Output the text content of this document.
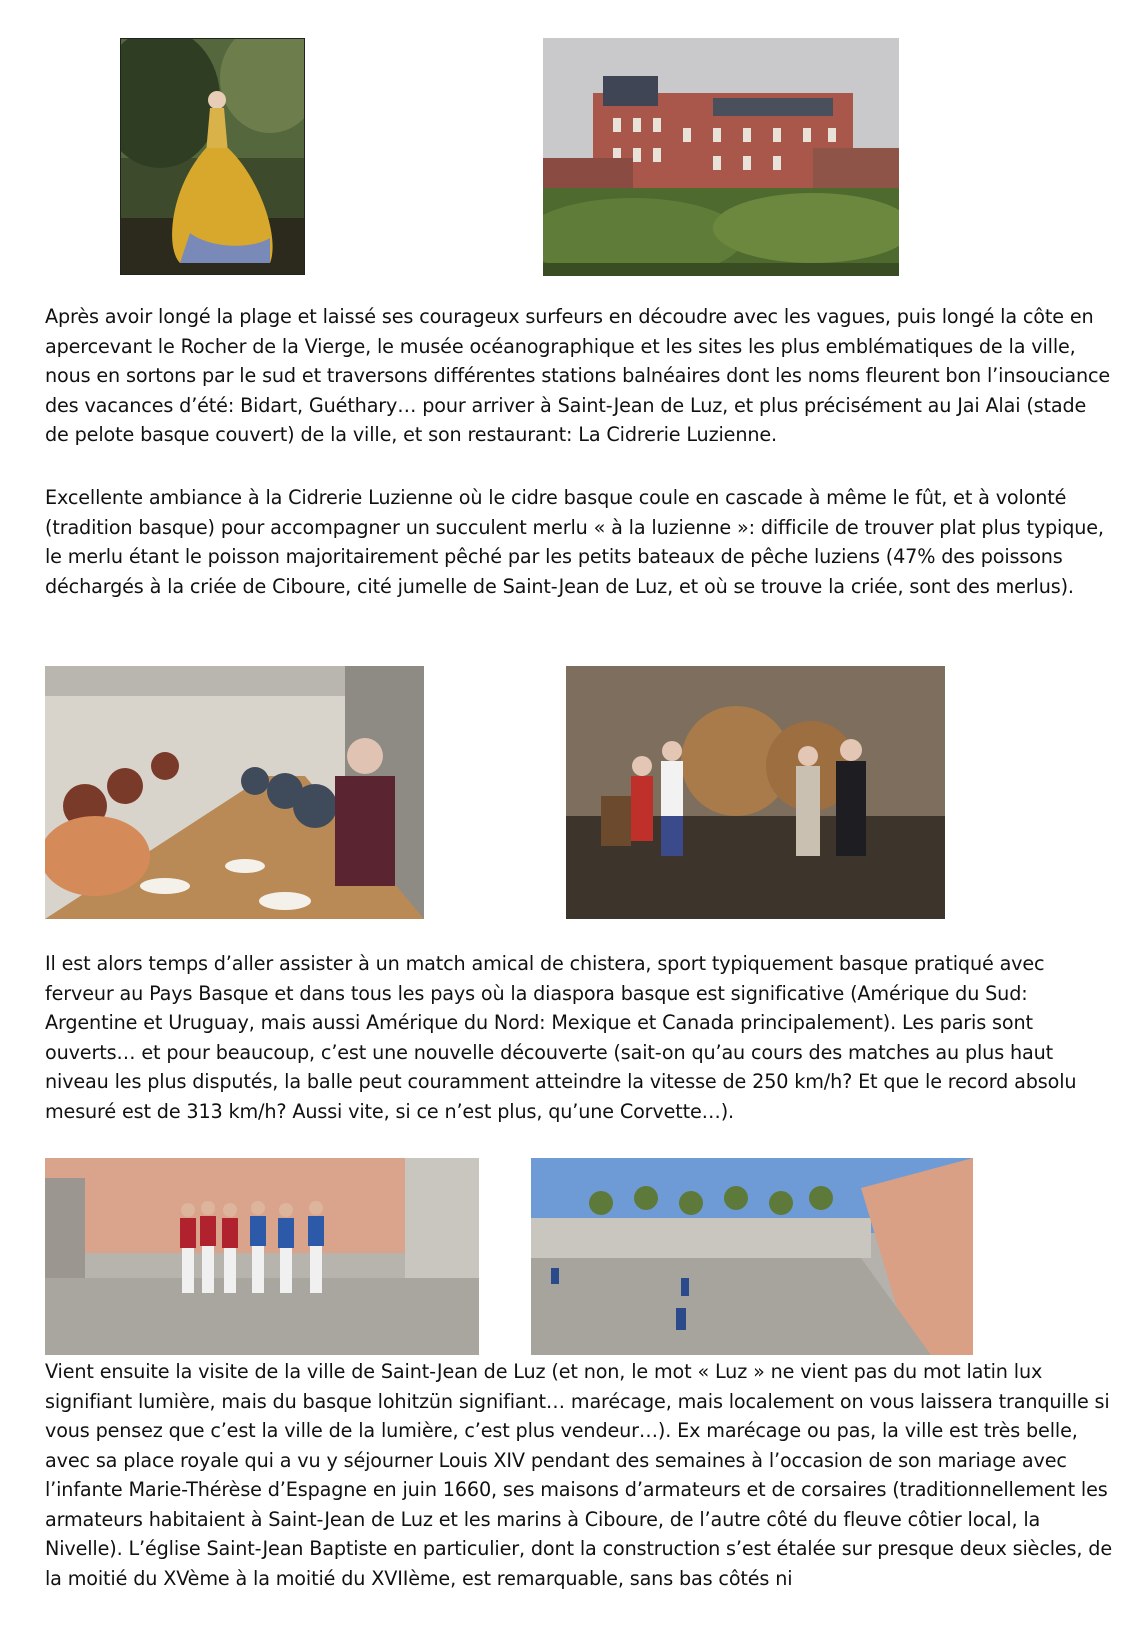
Après avoir longé la plage et laissé ses courageux surfeurs en découdre avec les vagues, puis longé la côte en apercevant le Rocher de la Vierge, le musée océanographique et les sites les plus emblématiques de la ville, nous en sortons par le sud et traversons différentes stations balnéaires dont les noms fleurent bon l’insouciance des vacances d’été: Bidart, Guéthary… pour arriver à Saint-Jean de Luz, et plus précisément au Jai Alai (stade de pelote basque couvert) de la ville, et son restaurant: La Cidrerie Luzienne.

Excellente ambiance à la Cidrerie Luzienne où le cidre basque coule en cascade à même le fût, et à volonté (tradition basque) pour accompagner un succulent merlu « à la luzienne »: difficile de trouver plat plus typique, le merlu étant le poisson majoritairement pêché par les petits bateaux de pêche luziens (47% des poissons déchargés à la criée de Ciboure, cité jumelle de Saint-Jean de Luz, et où se trouve la criée, sont des merlus).

Il est alors temps d’aller assister à un match amical de chistera, sport typiquement basque pratiqué avec ferveur au Pays Basque et dans tous les pays où la diaspora basque est significative (Amérique du Sud: Argentine et Uruguay, mais aussi Amérique du Nord: Mexique et Canada principalement). Les paris sont ouverts… et pour beaucoup, c’est une nouvelle découverte (sait-on qu’au cours des matches au plus haut niveau les plus disputés, la balle peut couramment atteindre la vitesse de 250 km/h? Et que le record absolu mesuré est de 313 km/h? Aussi vite, si ce n’est plus, qu’une Corvette…).

Vient ensuite la visite de la ville de Saint-Jean de Luz (et non, le mot « Luz » ne vient pas du mot latin lux signifiant lumière, mais du basque lohitzün signifiant… marécage, mais localement on vous laissera tranquille si vous pensez que c’est la ville de la lumière, c’est plus vendeur…). Ex marécage ou pas, la ville est très belle, avec sa place royale qui a vu y séjourner Louis XIV pendant des semaines à l’occasion de son mariage avec l’infante Marie-Thérèse d’Espagne en juin 1660, ses maisons d’armateurs et de corsaires (traditionnellement les armateurs habitaient à Saint-Jean de Luz et les marins à Ciboure, de l’autre côté du fleuve côtier local, la Nivelle). L’église Saint-Jean Baptiste en particulier, dont la construction s’est étalée sur presque deux siècles, de la moitié du XVème à la moitié du XVIIème, est remarquable, sans bas côtés ni
